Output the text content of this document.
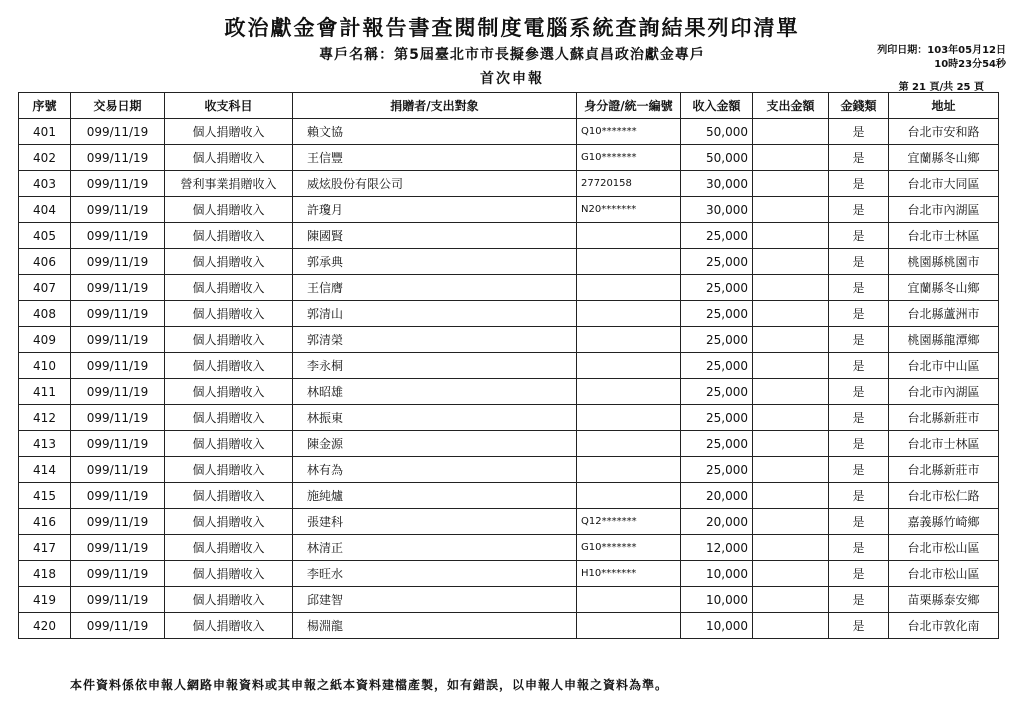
政治獻金會計報告書查閱制度電腦系統查詢結果列印清單
專戶名稱：第5屆臺北市市長擬參選人蘇貞昌政治獻金專戶
首次申報
列印日期：103年05月12日
10時23分54秒
第 21 頁/共 25 頁
序號	交易日期	收支科目	捐贈者/支出對象	身分證/統一編號	收入金額	支出金額	金錢類	地址
401	099/11/19	個人捐贈收入	賴文協	Q10*******	50,000		是	台北市安和路
402	099/11/19	個人捐贈收入	王信豐	G10*******	50,000		是	宜蘭縣冬山鄉
403	099/11/19	營利事業捐贈收入	威炫股份有限公司	27720158	30,000		是	台北市大同區
404	099/11/19	個人捐贈收入	許瓊月	N20*******	30,000		是	台北市內湖區
405	099/11/19	個人捐贈收入	陳國賢		25,000		是	台北市士林區
406	099/11/19	個人捐贈收入	郭承典		25,000		是	桃園縣桃園市
407	099/11/19	個人捐贈收入	王信膺		25,000		是	宜蘭縣冬山鄉
408	099/11/19	個人捐贈收入	郭清山		25,000		是	台北縣蘆洲市
409	099/11/19	個人捐贈收入	郭清榮		25,000		是	桃園縣龍潭鄉
410	099/11/19	個人捐贈收入	李永桐		25,000		是	台北市中山區
411	099/11/19	個人捐贈收入	林昭雄		25,000		是	台北市內湖區
412	099/11/19	個人捐贈收入	林振東		25,000		是	台北縣新莊市
413	099/11/19	個人捐贈收入	陳金源		25,000		是	台北市士林區
414	099/11/19	個人捐贈收入	林有為		25,000		是	台北縣新莊市
415	099/11/19	個人捐贈收入	施純爐		20,000		是	台北市松仁路
416	099/11/19	個人捐贈收入	張建科	Q12*******	20,000		是	嘉義縣竹崎鄉
417	099/11/19	個人捐贈收入	林清正	G10*******	12,000		是	台北市松山區
418	099/11/19	個人捐贈收入	李旺水	H10*******	10,000		是	台北市松山區
419	099/11/19	個人捐贈收入	邱建智		10,000		是	苗栗縣泰安鄉
420	099/11/19	個人捐贈收入	楊淵龍		10,000		是	台北市敦化南
本件資料係依申報人網路申報資料或其申報之紙本資料建檔產製，如有錯誤，以申報人申報之資料為準。
